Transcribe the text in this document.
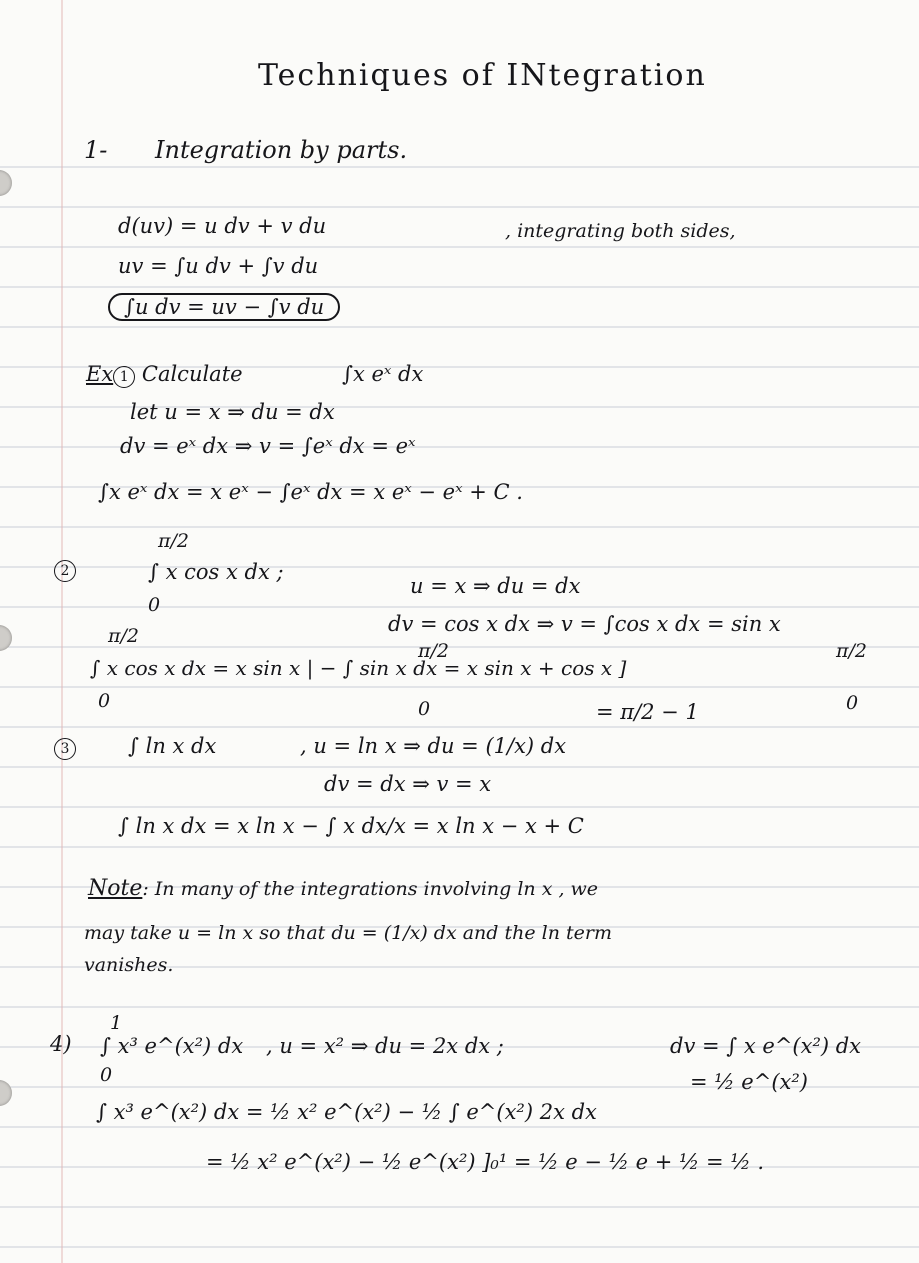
Techniques of INtegration
1- Integration by parts.
d(uv) = u dv + v du	, integrating both sides,
uv = ∫u dv + ∫v du
∫u dv = uv − ∫v du
Ex 1 Calculate	∫x eˣ dx
let u = x ⇒ du = dx
dv = eˣ dx ⇒ v = ∫eˣ dx = eˣ
∫x eˣ dx = x eˣ − ∫eˣ dx = x eˣ − eˣ + C .
π/2
2	∫ x cos x dx ;
0
u = x ⇒ du = dx
dv = cos x dx ⇒ v = ∫cos x dx = sin x
π/2
π/2	π/2
∫ x cos x dx = x sin x | − ∫ sin x dx = x sin x + cos x ]
0	0	0
= π/2 − 1
3	∫ ln x dx	, u = ln x ⇒ du = (1/x) dx
dv = dx ⇒ v = x
∫ ln x dx = x ln x − ∫ x dx/x = x ln x − x + C
Note: In many of the integrations involving ln x , we
may take u = ln x so that du = (1/x) dx and the ln term
vanishes.
1
4) ∫ x³ e^(x²) dx
0
, u = x² ⇒ du = 2x dx ;	dv = ∫ x e^(x²) dx
= ½ e^(x²)
∫ x³ e^(x²) dx = ½ x² e^(x²) − ½ ∫ e^(x²) 2x dx
= ½ x² e^(x²) − ½ e^(x²) ]₀¹ = ½ e − ½ e + ½ = ½ .
